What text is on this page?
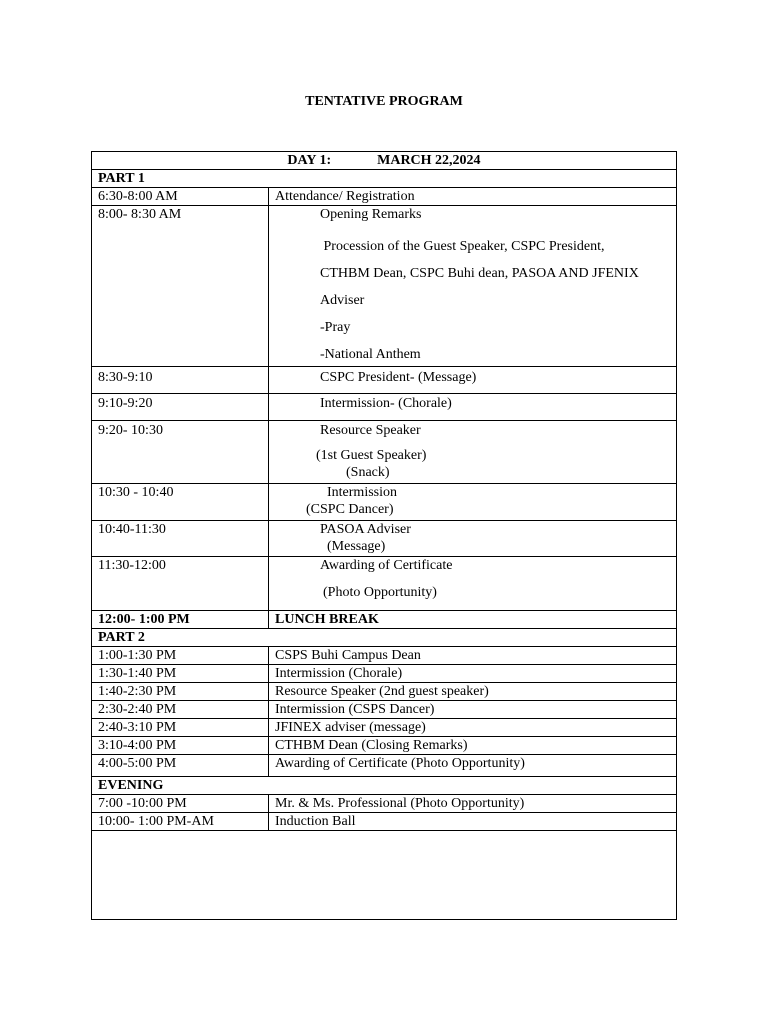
TENTATIVE PROGRAM
DAY 1:	MARCH 22,2024
PART 1
6:30-8:00 AM	Attendance/ Registration
8:00- 8:30 AM	Opening Remarks
Procession of the Guest Speaker, CSPC President,
CTHBM Dean, CSPC Buhi dean, PASOA AND JFENIX
Adviser
-Pray
-National Anthem
8:30-9:10	CSPC President- (Message)
9:10-9:20	Intermission- (Chorale)
9:20- 10:30	Resource Speaker
(1st Guest Speaker)
(Snack)
10:30 - 10:40	Intermission
(CSPC Dancer)
10:40-11:30	PASOA Adviser
(Message)
11:30-12:00	Awarding of Certificate
(Photo Opportunity)
12:00- 1:00 PM	LUNCH BREAK
PART 2
1:00-1:30 PM	CSPS Buhi Campus Dean
1:30-1:40 PM	Intermission (Chorale)
1:40-2:30 PM	Resource Speaker (2nd guest speaker)
2:30-2:40 PM	Intermission (CSPS Dancer)
2:40-3:10 PM	JFINEX adviser (message)
3:10-4:00 PM	CTHBM Dean (Closing Remarks)
4:00-5:00 PM	Awarding of Certificate (Photo Opportunity)
EVENING
7:00 -10:00 PM	Mr. & Ms. Professional (Photo Opportunity)
10:00- 1:00 PM-AM	Induction Ball
